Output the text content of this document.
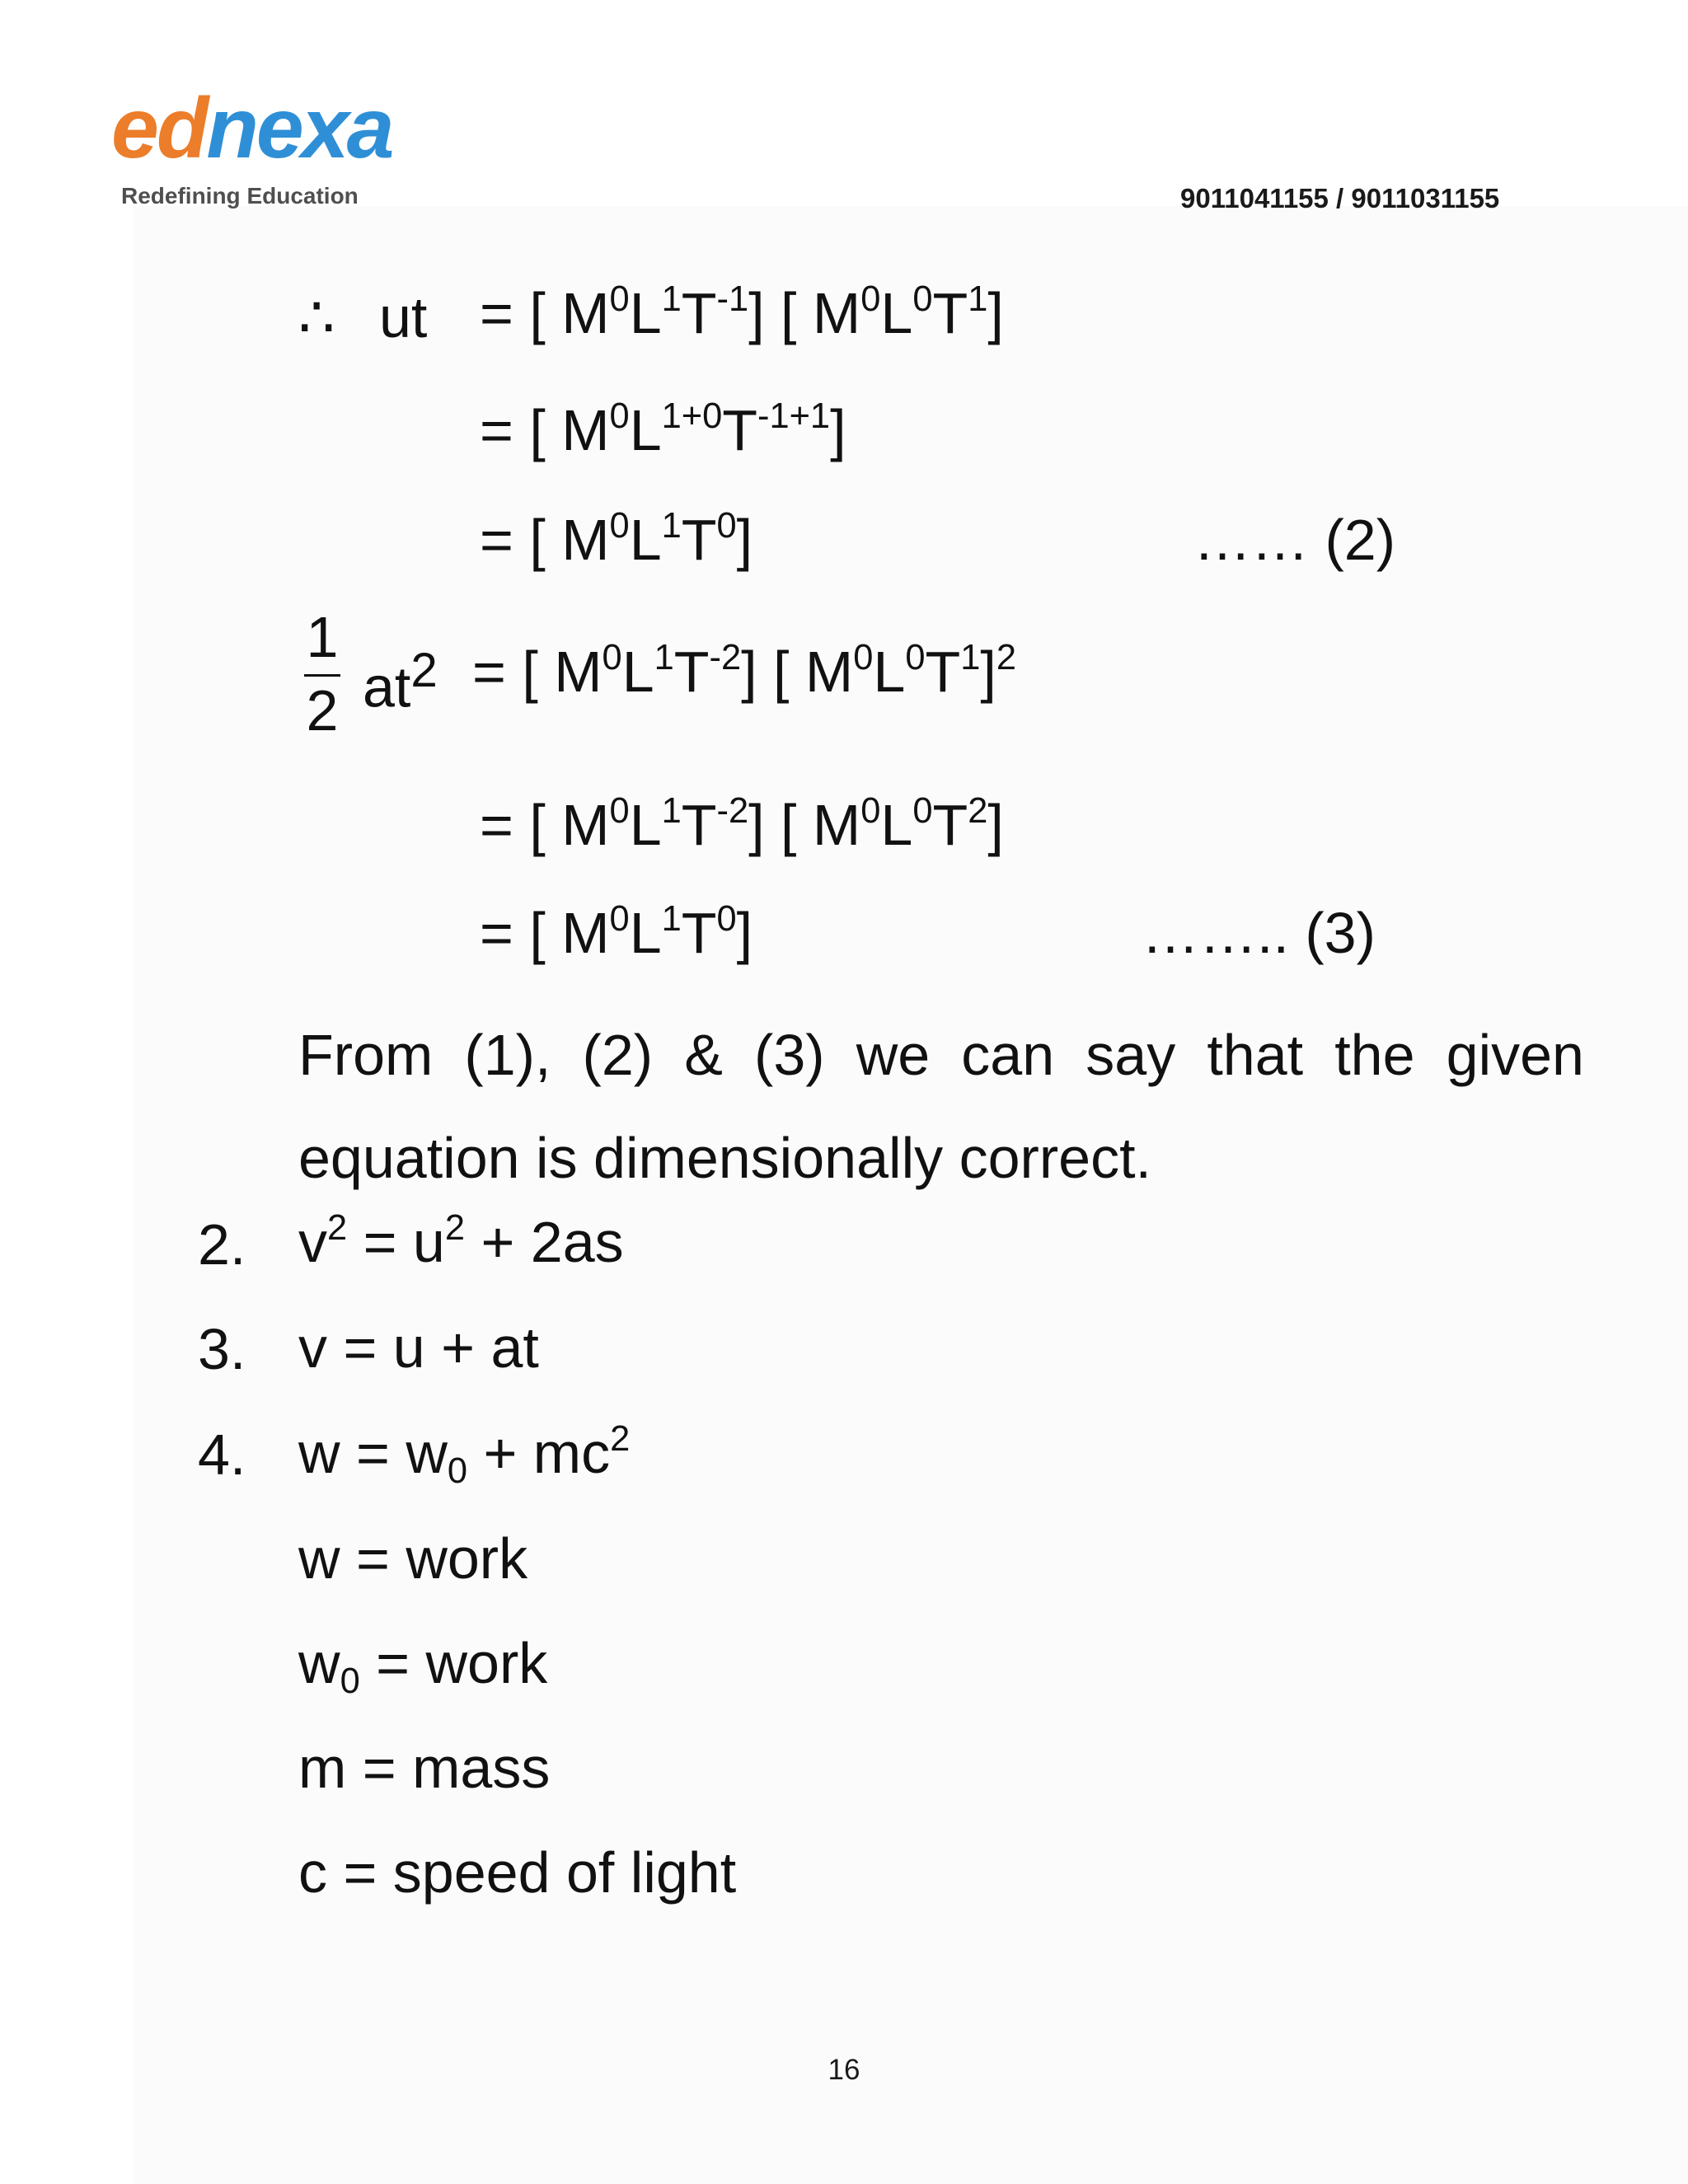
ednexa
Redefining Education	9011041155 / 9011031155
∴ ut = [ $M^0L^1T^{-1}$] [ $M^0L^0T^1$]
= [ $M^0L^{1+0}T^{-1+1}$]
= [ $M^0L^1T^0$]	…… (2)
1
2 $at^2$ = [ $M^0L^1T^{-2}$] [ $M^0L^0T^1]^2$
= [ $M^0L^1T^{-2}$] [ $M^0L^0T^2$]
= [ $M^0L^1T^0$]	…….. (3)
From (1), (2) & (3) we can say that the given equation is dimensionally correct.
2. $v^2 = u^2 + 2as$
3. v = u + at
4. $w = w_0 + mc^2$
w = work
$w_0$ = work
m = mass
c = speed of light
16
